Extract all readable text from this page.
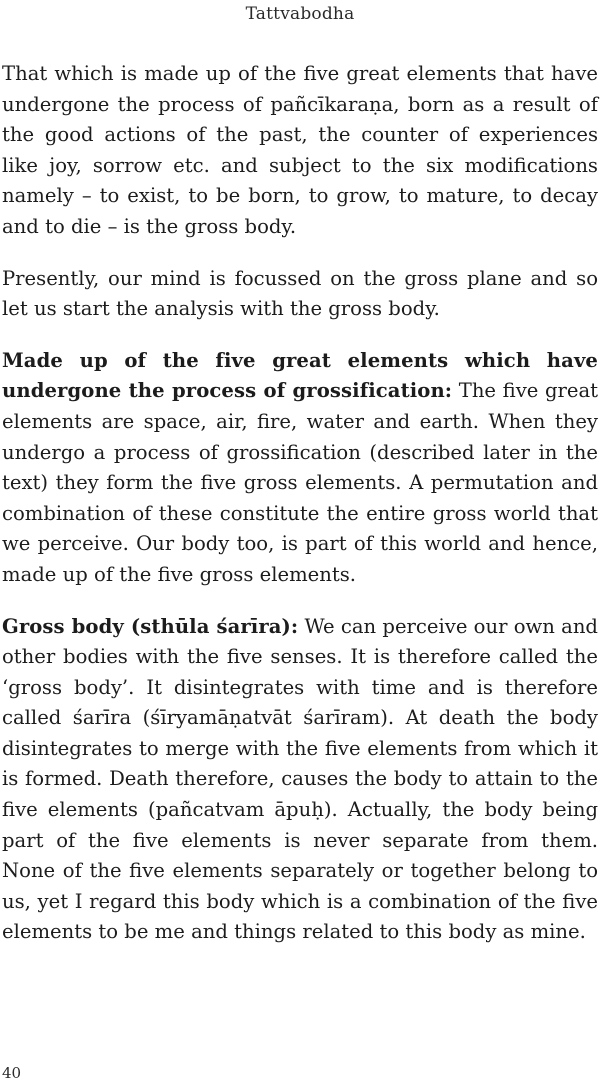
Tattvabodha

That which is made up of the five great elements that have undergone the process of pañcīkaraṇa, born as a result of the good actions of the past, the counter of experiences like joy, sorrow etc. and subject to the six modifications namely – to exist, to be born, to grow, to mature, to decay and to die – is the gross body.

Presently, our mind is focussed on the gross plane and so let us start the analysis with the gross body.

Made up of the five great elements which have undergone the process of grossification: The five great elements are space, air, fire, water and earth. When they undergo a process of grossification (described later in the text) they form the five gross elements. A permutation and combination of these constitute the entire gross world that we perceive. Our body too, is part of this world and hence, made up of the five gross elements.

Gross body (sthūla śarīra): We can perceive our own and other bodies with the five senses. It is therefore called the ‘gross body’. It disintegrates with time and is therefore called śarīra (śīryamāṇatvāt śarīram). At death the body disintegrates to merge with the five elements from which it is formed. Death therefore, causes the body to attain to the five elements (pañcatvam āpuḥ). Actually, the body being part of the five elements is never separate from them. None of the five elements separately or together belong to us, yet I regard this body which is a combination of the five elements to be me and things related to this body as mine.

40
